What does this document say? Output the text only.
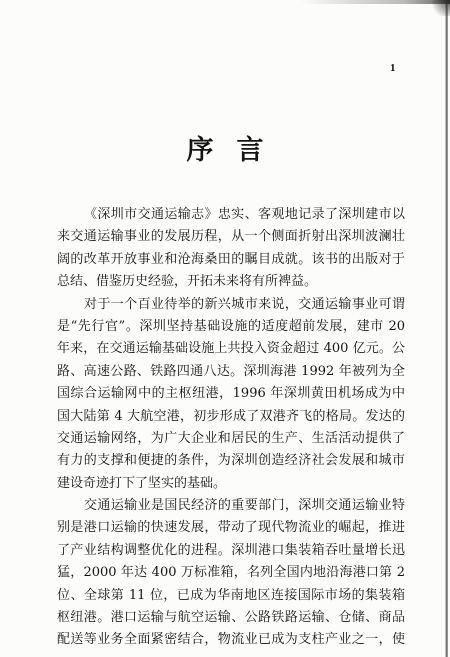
1
序言
《深圳市交通运输志》忠实、客观地记录了深圳建市以
来交通运输事业的发展历程，从一个侧面折射出深圳波澜壮
阔的改革开放事业和沧海桑田的瞩目成就。该书的出版对于
总结、借鉴历史经验，开拓未来将有所裨益。
对于一个百业待举的新兴城市来说，交通运输事业可谓
是“先行官”。深圳坚持基础设施的适度超前发展，建市 20
年来，在交通运输基础设施上共投入资金超过 400 亿元。公
路、高速公路、铁路四通八达。深圳海港 1992 年被列为全
国综合运输网中的主枢纽港，1996 年深圳黄田机场成为中
国大陆第 4 大航空港，初步形成了双港齐飞的格局。发达的
交通运输网络，为广大企业和居民的生产、生活活动提供了
有力的支撑和便捷的条件，为深圳创造经济社会发展和城市
建设奇迹打下了坚实的基础。
交通运输业是国民经济的重要部门，深圳交通运输业特
别是港口运输的快速发展，带动了现代物流业的崛起，推进
了产业结构调整优化的进程。深圳港口集装箱吞吐量增长迅
猛，2000 年达 400 万标准箱，名列全国内地沿海港口第 2
位、全球第 11 位，已成为华南地区连接国际市场的集装箱
枢纽港。港口运输与航空运输、公路铁路运输、仓储、商品
配送等业务全面紧密结合，物流业已成为支柱产业之一，使
